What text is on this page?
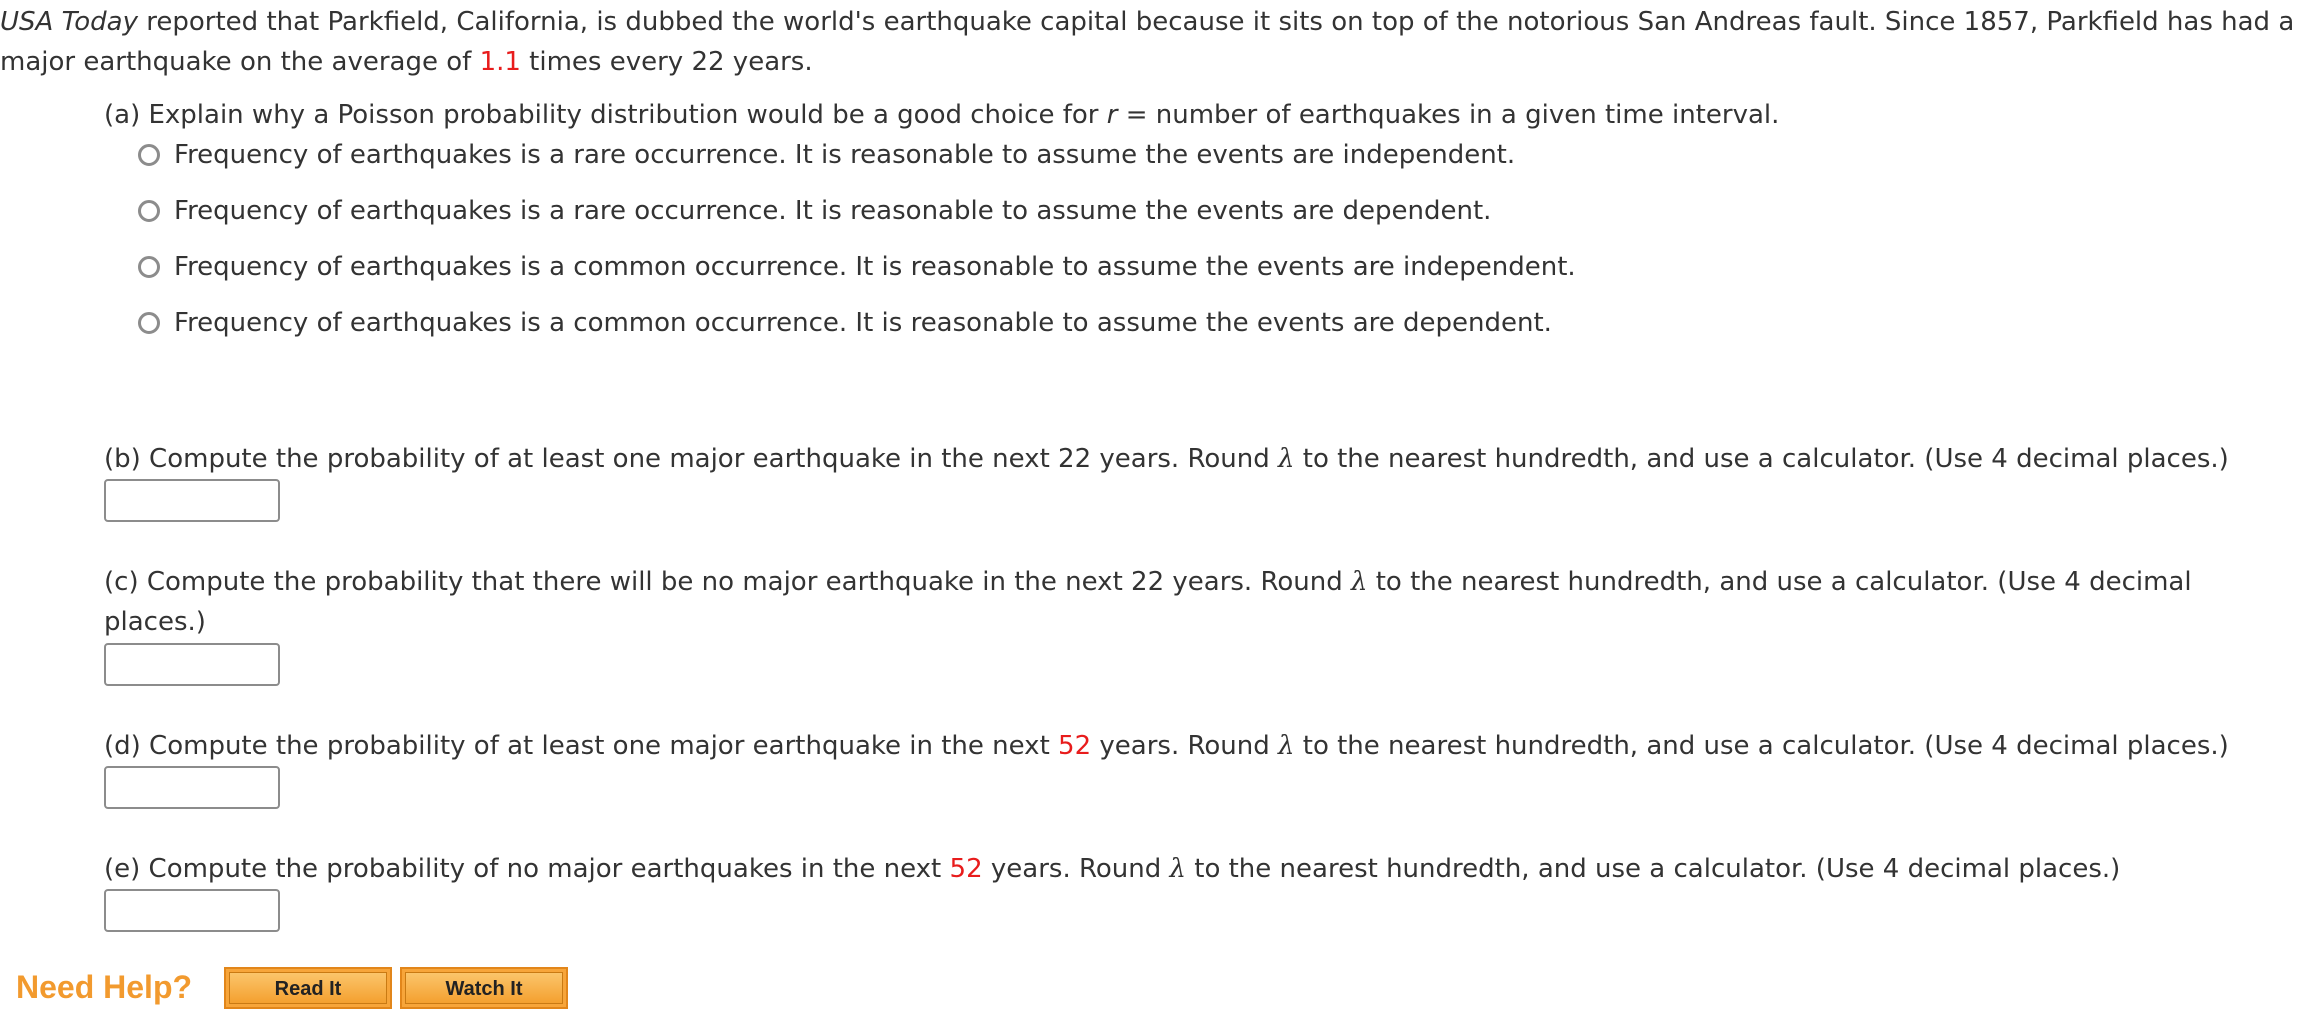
USA Today reported that Parkfield, California, is dubbed the world's earthquake capital because it sits on top of the notorious San Andreas fault. Since 1857, Parkfield has had a major earthquake on the average of 1.1 times every 22 years.
(a) Explain why a Poisson probability distribution would be a good choice for r = number of earthquakes in a given time interval.
Frequency of earthquakes is a rare occurrence. It is reasonable to assume the events are independent.
Frequency of earthquakes is a rare occurrence. It is reasonable to assume the events are dependent.
Frequency of earthquakes is a common occurrence. It is reasonable to assume the events are independent.
Frequency of earthquakes is a common occurrence. It is reasonable to assume the events are dependent.
(b) Compute the probability of at least one major earthquake in the next 22 years. Round λ to the nearest hundredth, and use a calculator. (Use 4 decimal places.)
(c) Compute the probability that there will be no major earthquake in the next 22 years. Round λ to the nearest hundredth, and use a calculator. (Use 4 decimal places.)
(d) Compute the probability of at least one major earthquake in the next 52 years. Round λ to the nearest hundredth, and use a calculator. (Use 4 decimal places.)
(e) Compute the probability of no major earthquakes in the next 52 years. Round λ to the nearest hundredth, and use a calculator. (Use 4 decimal places.)
Need Help?	Read It	Watch It
